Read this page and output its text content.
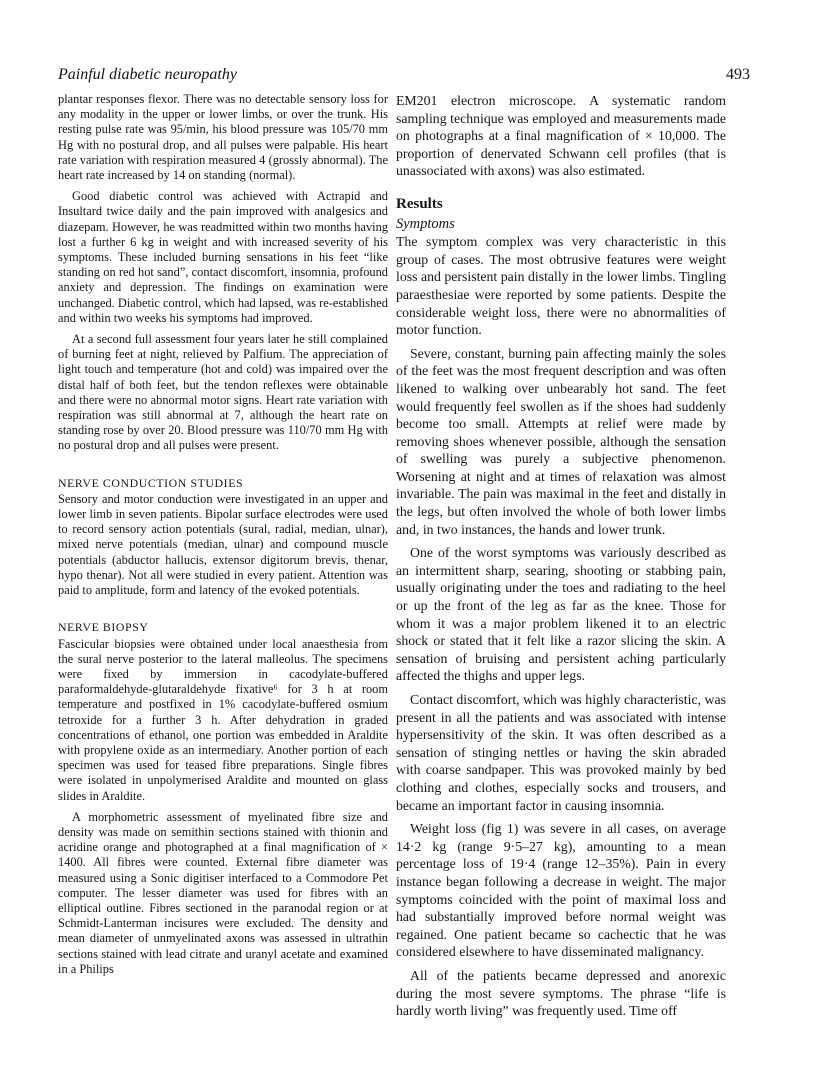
Painful diabetic neuropathy	493

plantar responses flexor. There was no detectable sensory loss for any modality in the upper or lower limbs, or over the trunk. His resting pulse rate was 95/min, his blood pressure was 105/70 mm Hg with no postural drop, and all pulses were palpable. His heart rate variation with respiration measured 4 (grossly abnormal). The heart rate increased by 14 on standing (normal).

Good diabetic control was achieved with Actrapid and Insultard twice daily and the pain improved with analgesics and diazepam. However, he was readmitted within two months having lost a further 6 kg in weight and with increased severity of his symptoms. These included burning sensations in his feet “like standing on red hot sand”, contact discomfort, insomnia, profound anxiety and depression. The findings on examination were unchanged. Diabetic control, which had lapsed, was re-established and within two weeks his symptoms had improved.

At a second full assessment four years later he still complained of burning feet at night, relieved by Palfium. The appreciation of light touch and temperature (hot and cold) was impaired over the distal half of both feet, but the tendon reflexes were obtainable and there were no abnormal motor signs. Heart rate variation with respiration was still abnormal at 7, although the heart rate on standing rose by over 20. Blood pressure was 110/70 mm Hg with no postural drop and all pulses were present.

NERVE CONDUCTION STUDIES

Sensory and motor conduction were investigated in an upper and lower limb in seven patients. Bipolar surface electrodes were used to record sensory action potentials (sural, radial, median, ulnar), mixed nerve potentials (median, ulnar) and compound muscle potentials (abductor hallucis, extensor digitorum brevis, thenar, hypo thenar). Not all were studied in every patient. Attention was paid to amplitude, form and latency of the evoked potentials.

NERVE BIOPSY

Fascicular biopsies were obtained under local anaesthesia from the sural nerve posterior to the lateral malleolus. The specimens were fixed by immersion in cacodylate-buffered paraformaldehyde-glutaraldehyde fixative⁶ for 3 h at room temperature and postfixed in 1% cacodylate-buffered osmium tetroxide for a further 3 h. After dehydration in graded concentrations of ethanol, one portion was embedded in Araldite with propylene oxide as an intermediary. Another portion of each specimen was used for teased fibre preparations. Single fibres were isolated in unpolymerised Araldite and mounted on glass slides in Araldite.

A morphometric assessment of myelinated fibre size and density was made on semithin sections stained with thionin and acridine orange and photographed at a final magnification of × 1400. All fibres were counted. External fibre diameter was measured using a Sonic digitiser interfaced to a Commodore Pet computer. The lesser diameter was used for fibres with an elliptical outline. Fibres sectioned in the paranodal region or at Schmidt-Lanterman incisures were excluded. The density and mean diameter of unmyelinated axons was assessed in ultrathin sections stained with lead citrate and uranyl acetate and examined in a Philips

EM201 electron microscope. A systematic random sampling technique was employed and measurements made on photographs at a final magnification of × 10,000. The proportion of denervated Schwann cell profiles (that is unassociated with axons) was also estimated.

Results
Symptoms

The symptom complex was very characteristic in this group of cases. The most obtrusive features were weight loss and persistent pain distally in the lower limbs. Tingling paraesthesiae were reported by some patients. Despite the considerable weight loss, there were no abnormalities of motor function.

Severe, constant, burning pain affecting mainly the soles of the feet was the most frequent description and was often likened to walking over unbearably hot sand. The feet would frequently feel swollen as if the shoes had suddenly become too small. Attempts at relief were made by removing shoes whenever possible, although the sensation of swelling was purely a subjective phenomenon. Worsening at night and at times of relaxation was almost invariable. The pain was maximal in the feet and distally in the legs, but often involved the whole of both lower limbs and, in two instances, the hands and lower trunk.

One of the worst symptoms was variously described as an intermittent sharp, searing, shooting or stabbing pain, usually originating under the toes and radiating to the heel or up the front of the leg as far as the knee. Those for whom it was a major problem likened it to an electric shock or stated that it felt like a razor slicing the skin. A sensation of bruising and persistent aching particularly affected the thighs and upper legs.

Contact discomfort, which was highly characteristic, was present in all the patients and was associated with intense hypersensitivity of the skin. It was often described as a sensation of stinging nettles or having the skin abraded with coarse sandpaper. This was provoked mainly by bed clothing and clothes, especially socks and trousers, and became an important factor in causing insomnia.

Weight loss (fig 1) was severe in all cases, on average 14·2 kg (range 9·5–27 kg), amounting to a mean percentage loss of 19·4 (range 12–35%). Pain in every instance began following a decrease in weight. The major symptoms coincided with the point of maximal loss and had substantially improved before normal weight was regained. One patient became so cachectic that he was considered elsewhere to have disseminated malignancy.

All of the patients became depressed and anorexic during the most severe symptoms. The phrase “life is hardly worth living” was frequently used. Time off
